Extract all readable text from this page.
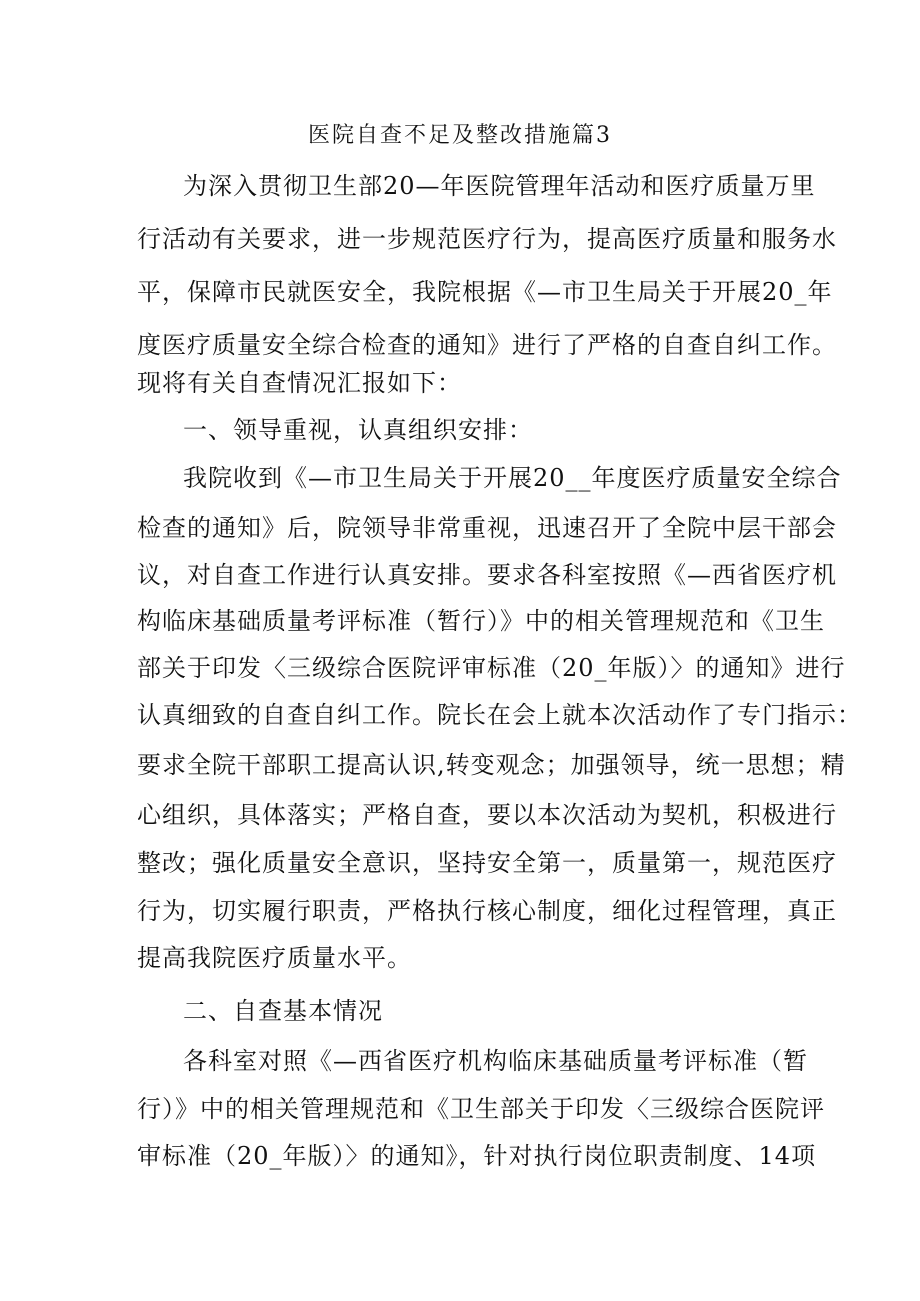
医院自查不足及整改措施篇3
为深入贯彻卫生部20—年医院管理年活动和医疗质量万里
行活动有关要求，进一步规范医疗行为，提高医疗质量和服务水
平，保障市民就医安全，我院根据《—市卫生局关于开展20_年
度医疗质量安全综合检查的通知》进行了严格的自查自纠工作。
现将有关自查情况汇报如下：
一、领导重视，认真组织安排：
我院收到《—市卫生局关于开展20__年度医疗质量安全综合
检查的通知》后，院领导非常重视，迅速召开了全院中层干部会
议，对自查工作进行认真安排。要求各科室按照《—西省医疗机
构临床基础质量考评标准（暂行）》中的相关管理规范和《卫生
部关于印发〈三级综合医院评审标准（20_年版）〉的通知》进行
认真细致的自查自纠工作。院长在会上就本次活动作了专门指示：
要求全院干部职工提高认识,转变观念；加强领导，统一思想；精
心组织，具体落实；严格自查，要以本次活动为契机，积极进行
整改；强化质量安全意识，坚持安全第一，质量第一，规范医疗
行为，切实履行职责，严格执行核心制度，细化过程管理，真正
提高我院医疗质量水平。
二、自查基本情况
各科室对照《—西省医疗机构临床基础质量考评标准（暂
行）》中的相关管理规范和《卫生部关于印发〈三级综合医院评
审标准（20_年版）〉的通知》，针对执行岗位职责制度、14项
